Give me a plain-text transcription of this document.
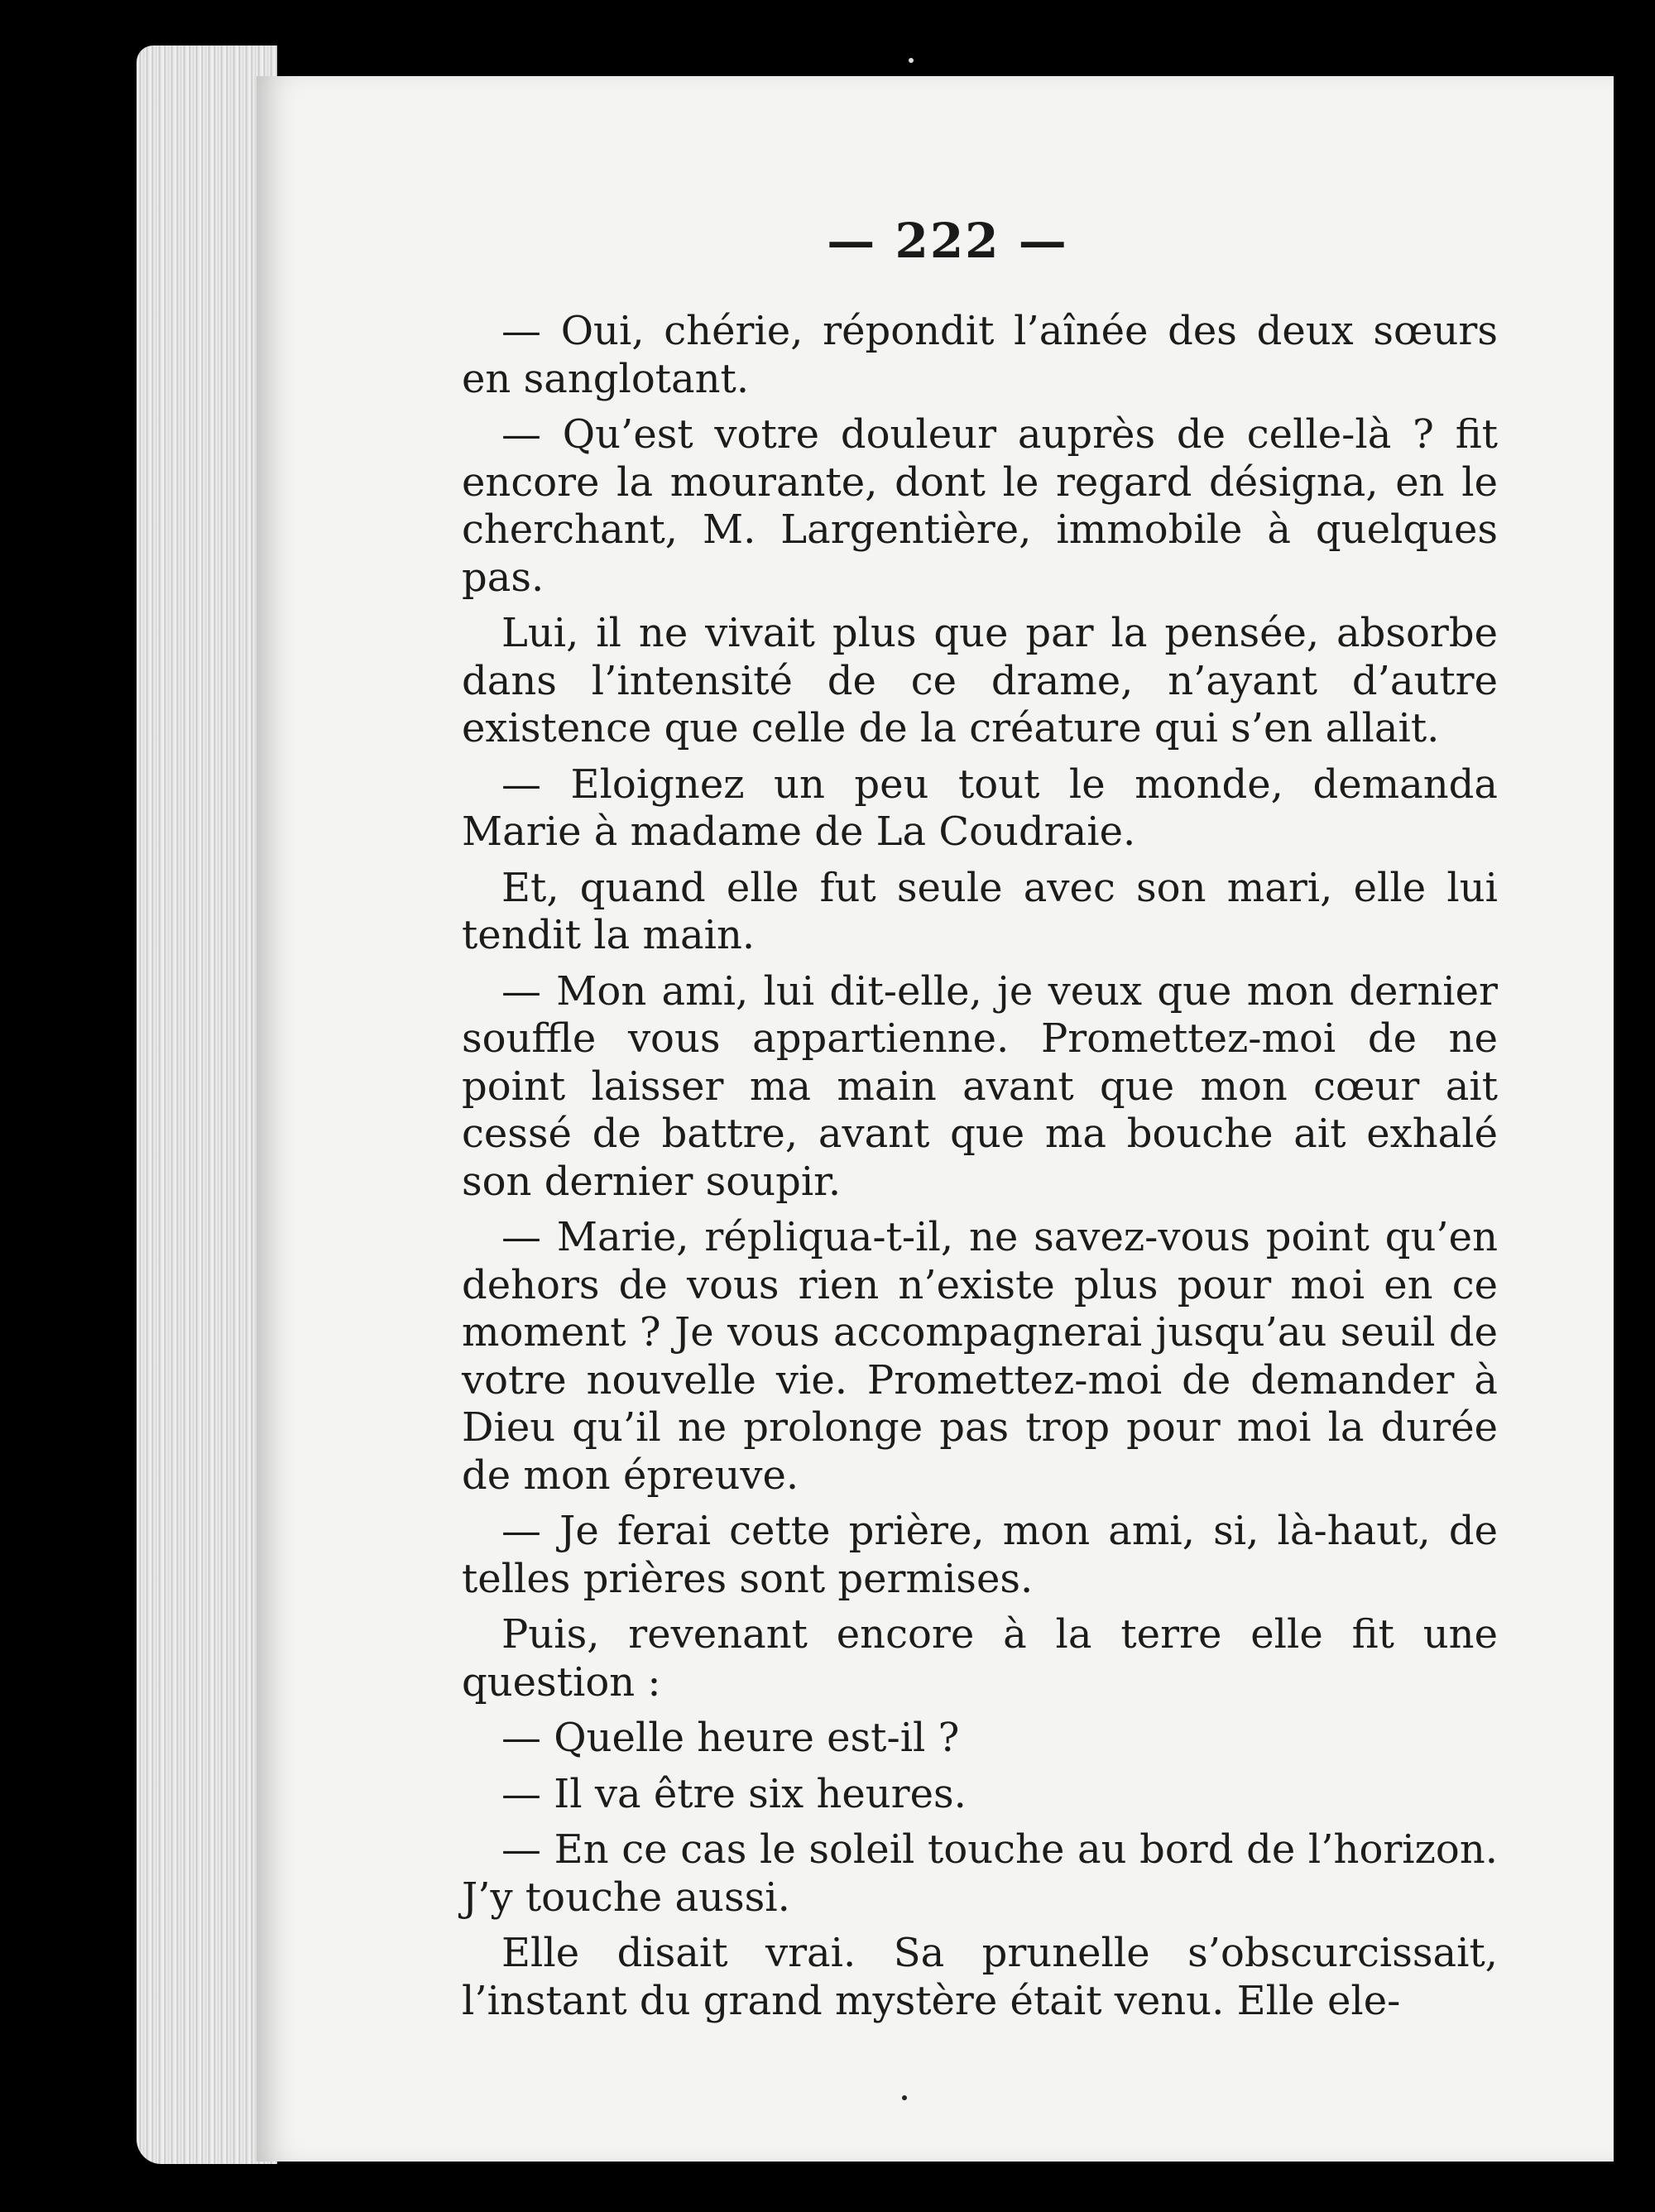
— 222 —

— Oui, chérie, répondit l’aînée des deux sœurs en sanglotant.

— Qu’est votre douleur auprès de celle-là ? fit encore la mourante, dont le regard désigna, en le cherchant, M. Largentière, immobile à quelques pas.

Lui, il ne vivait plus que par la pensée, absorbe dans l’intensité de ce drame, n’ayant d’autre existence que celle de la créature qui s’en allait.

— Eloignez un peu tout le monde, demanda Marie à madame de La Coudraie.

Et, quand elle fut seule avec son mari, elle lui tendit la main.

— Mon ami, lui dit-elle, je veux que mon dernier souffle vous appartienne. Promettez-moi de ne point laisser ma main avant que mon cœur ait cessé de battre, avant que ma bouche ait exhalé son dernier soupir.

— Marie, répliqua-t-il, ne savez-vous point qu’en dehors de vous rien n’existe plus pour moi en ce moment ? Je vous accompagnerai jusqu’au seuil de votre nouvelle vie. Promettez-moi de demander à Dieu qu’il ne prolonge pas trop pour moi la durée de mon épreuve.

— Je ferai cette prière, mon ami, si, là-haut, de telles prières sont permises.

Puis, revenant encore à la terre elle fit une question :

— Quelle heure est-il ?

— Il va être six heures.

— En ce cas le soleil touche au bord de l’horizon. J’y touche aussi.

Elle disait vrai. Sa prunelle s’obscurcissait, l’instant du grand mystère était venu. Elle ele-
